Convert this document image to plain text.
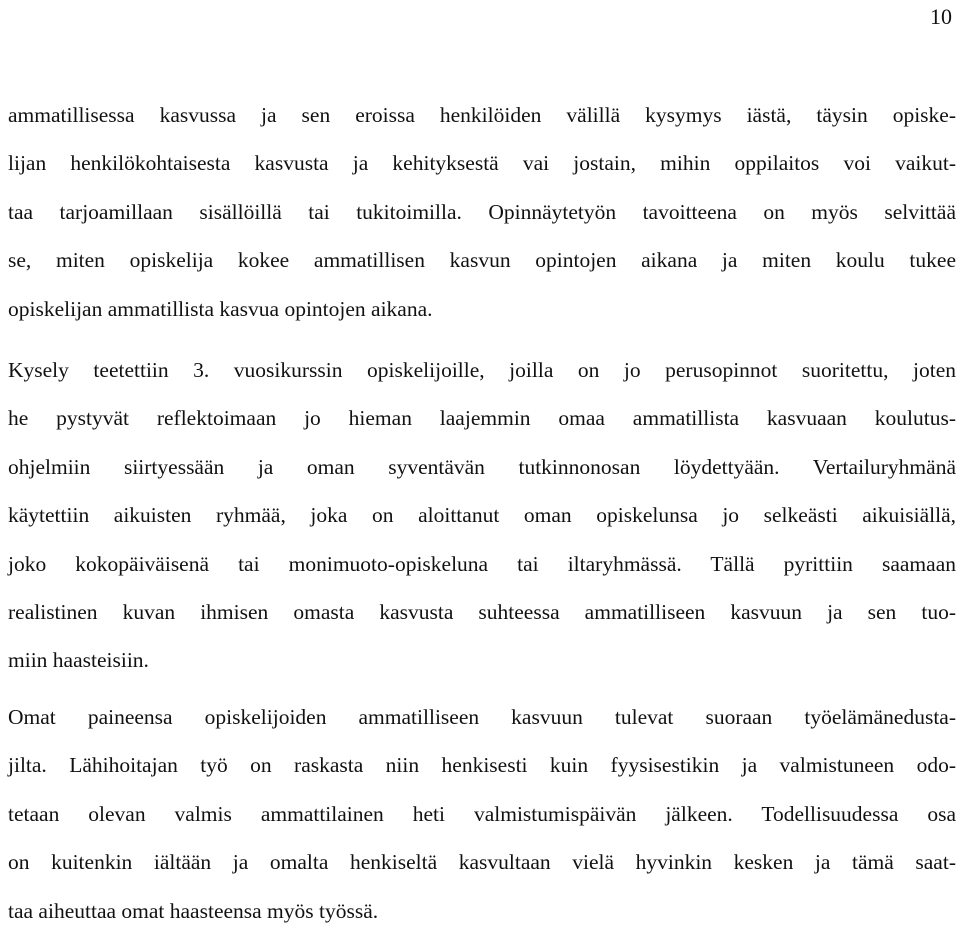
10
ammatillisessa kasvussa ja sen eroissa henkilöiden välillä kysymys iästä, täysin opiske-
lijan henkilökohtaisesta kasvusta ja kehityksestä vai jostain, mihin oppilaitos voi vaikut-
taa tarjoamillaan sisällöillä tai tukitoimilla. Opinnäytetyön tavoitteena on myös selvittää
se, miten opiskelija kokee ammatillisen kasvun opintojen aikana ja miten koulu tukee
opiskelijan ammatillista kasvua opintojen aikana.
Kysely teetettiin 3. vuosikurssin opiskelijoille, joilla on jo perusopinnot suoritettu, joten
he pystyvät reflektoimaan jo hieman laajemmin omaa ammatillista kasvuaan koulutus-
ohjelmiin siirtyessään ja oman syventävän tutkinnonosan löydettyään. Vertailuryhmänä
käytettiin aikuisten ryhmää, joka on aloittanut oman opiskelunsa jo selkeästi aikuisiällä,
joko kokopäiväisenä tai monimuoto-opiskeluna tai iltaryhmässä. Tällä pyrittiin saamaan
realistinen kuvan ihmisen omasta kasvusta suhteessa ammatilliseen kasvuun ja sen tuo-
miin haasteisiin.
Omat paineensa opiskelijoiden ammatilliseen kasvuun tulevat suoraan työelämänedusta-
jilta. Lähihoitajan työ on raskasta niin henkisesti kuin fyysisestikin ja valmistuneen odo-
tetaan olevan valmis ammattilainen heti valmistumispäivän jälkeen. Todellisuudessa osa
on kuitenkin iältään ja omalta henkiseltä kasvultaan vielä hyvinkin kesken ja tämä saat-
taa aiheuttaa omat haasteensa myös työssä.
